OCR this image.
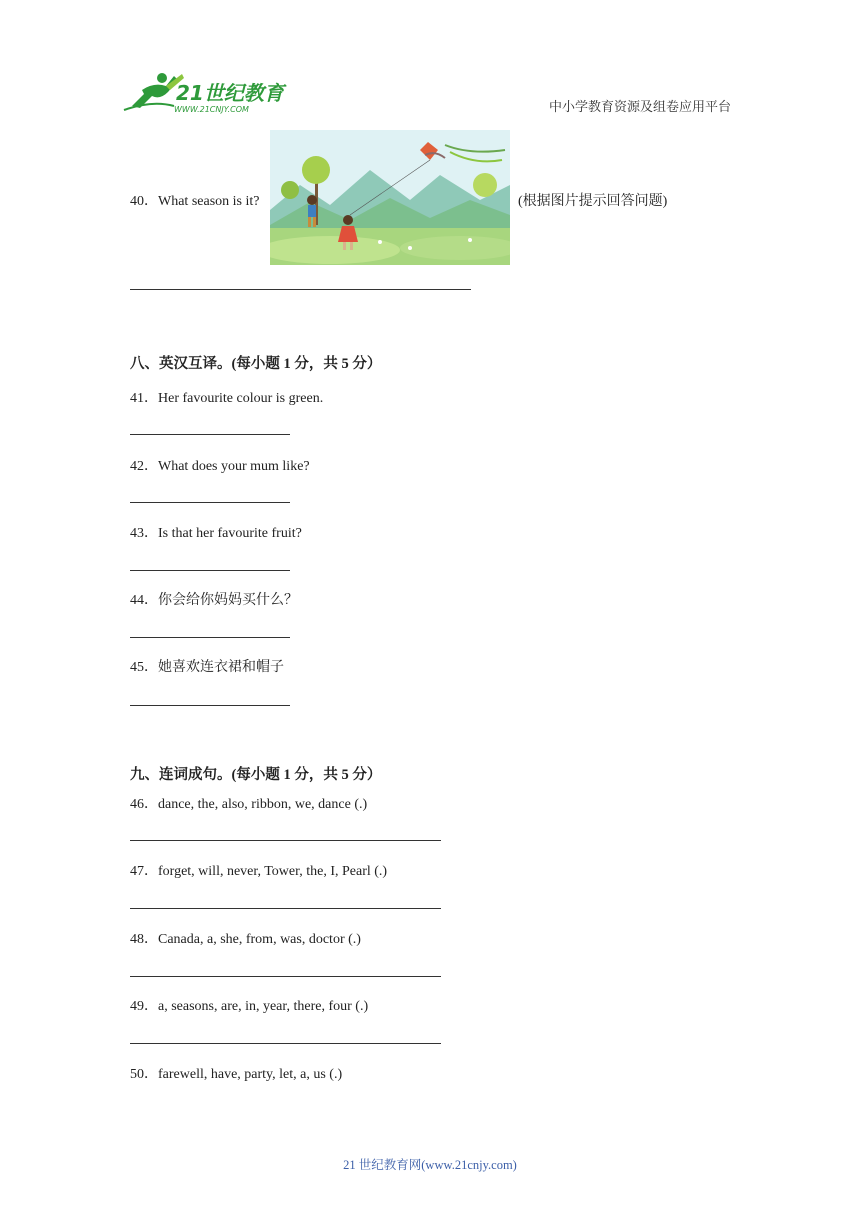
21世纪教育
WWW.21CNJY.COM	中小学教育资源及组卷应用平台
40．What season is it?	(根据图片提示回答问题)
八、英汉互译。(每小题 1 分，共 5 分）
41．Her favourite colour is green.
42．What does your mum like?
43．Is that her favourite fruit?
44．你会给你妈妈买什么？
45．她喜欢连衣裙和帽子
九、连词成句。(每小题 1 分，共 5 分）
46．dance, the, also, ribbon, we, dance (.)
47．forget, will, never, Tower, the, I, Pearl (.)
48．Canada, a, she, from, was, doctor (.)
49．a, seasons, are, in, year, there, four (.)
50．farewell, have, party, let, a, us (.)
21 世纪教育网(www.21cnjy.com)
